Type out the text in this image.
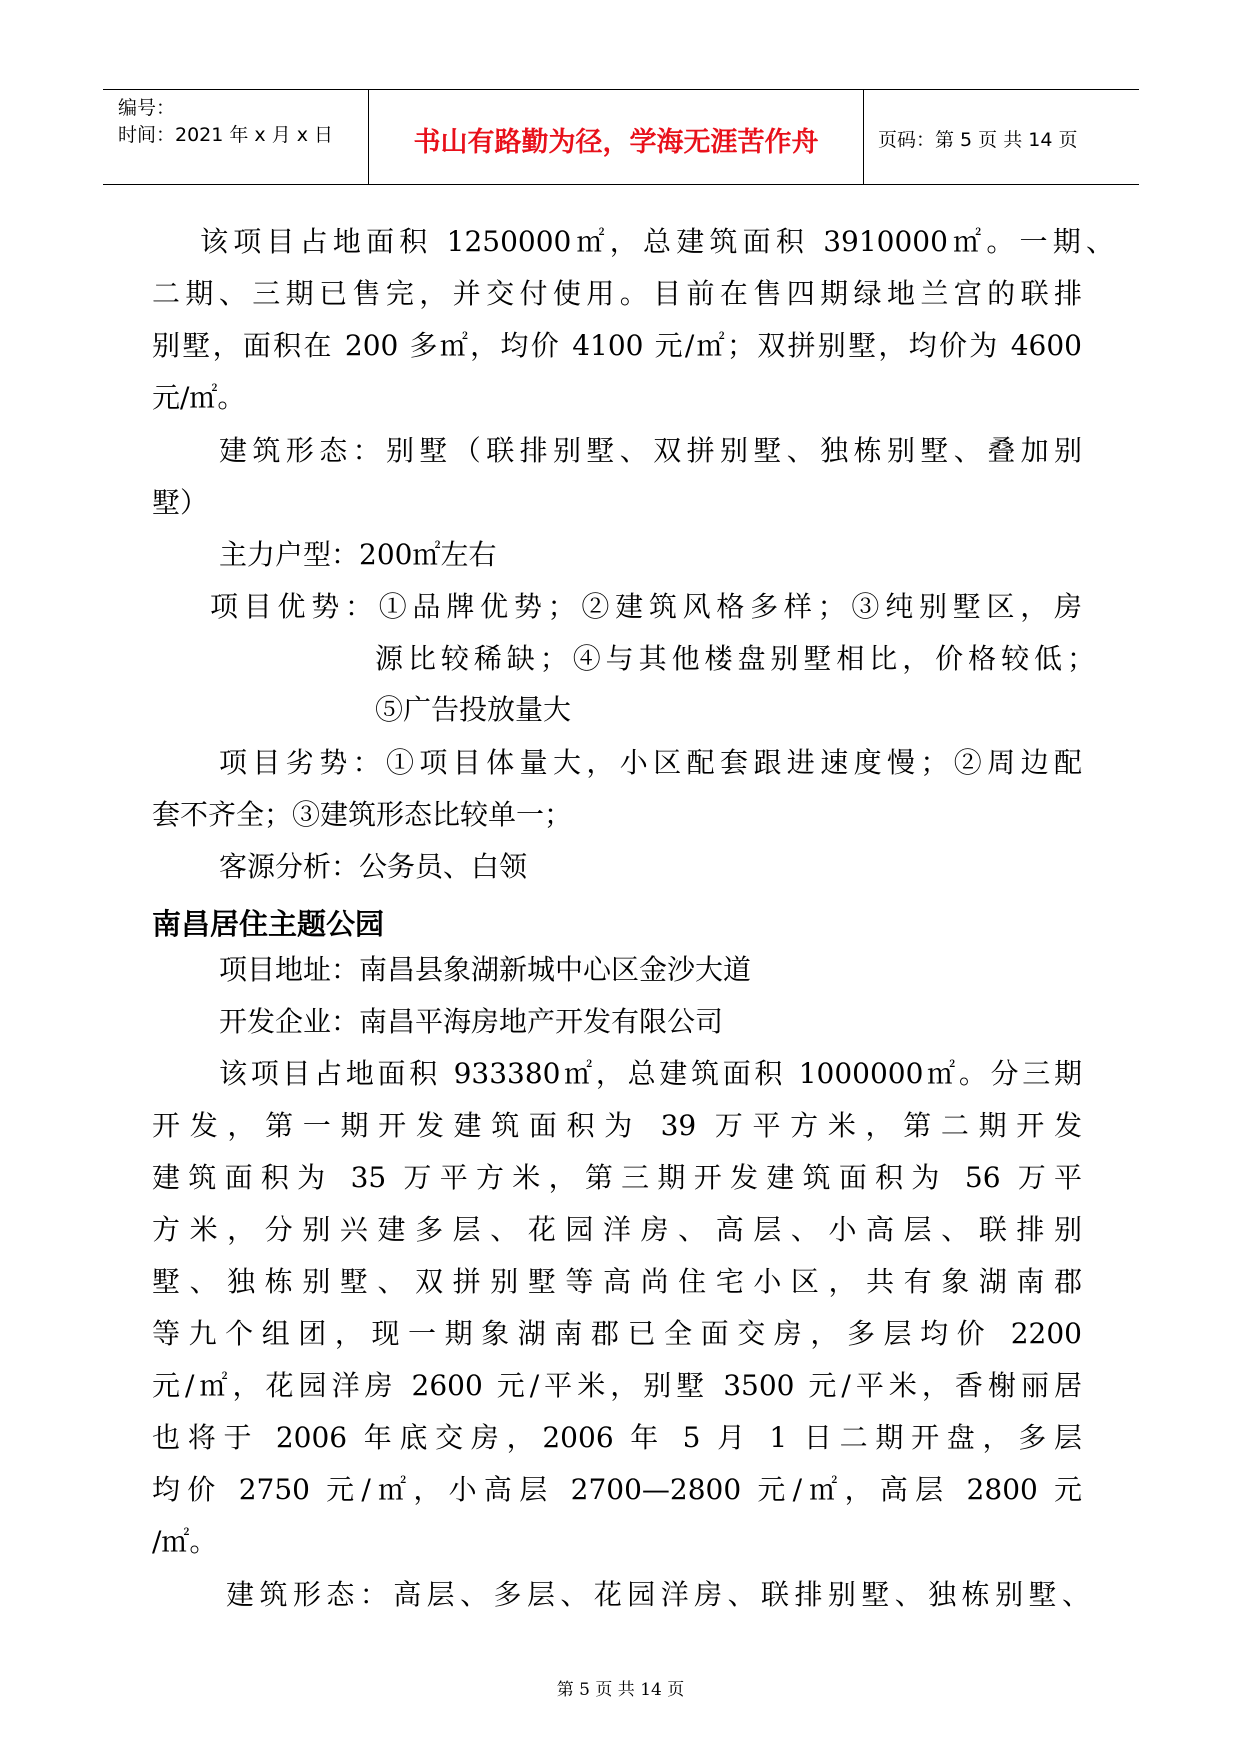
编号：
时间：2021 年 x 月 x 日	书山有路勤为径，学海无涯苦作舟	页码：第 5 页 共 14 页
该项目占地面积 1250000㎡，总建筑面积 3910000㎡。一期、
二期、三期已售完，并交付使用。目前在售四期绿地兰宫的联排
别墅，面积在 200 多㎡，均价 4100 元/㎡；双拼别墅，均价为 4600
元/㎡。
建筑形态：别墅（联排别墅、双拼别墅、独栋别墅、叠加别
墅）
主力户型：200㎡左右
项目优势：①品牌优势；②建筑风格多样；③纯别墅区，房
源比较稀缺；④与其他楼盘别墅相比，价格较低；
⑤广告投放量大
项目劣势：①项目体量大，小区配套跟进速度慢；②周边配
套不齐全；③建筑形态比较单一；
客源分析：公务员、白领
南昌居住主题公园
项目地址：南昌县象湖新城中心区金沙大道
开发企业：南昌平海房地产开发有限公司
该项目占地面积 933380㎡，总建筑面积 1000000㎡。分三期
开发，第一期开发建筑面积为 39 万平方米，第二期开发
建筑面积为 35 万平方米，第三期开发建筑面积为 56 万平
方米，分别兴建多层、花园洋房、高层、小高层、联排别
墅、独栋别墅、双拼别墅等高尚住宅小区，共有象湖南郡
等九个组团，现一期象湖南郡已全面交房，多层均价 2200
元/㎡，花园洋房 2600 元/平米，别墅 3500 元/平米，香榭丽居
也将于 2006 年底交房，2006 年 5 月 1 日二期开盘，多层
均价 2750 元/㎡，小高层 2700—2800 元/㎡，高层 2800 元
/㎡。
建筑形态：高层、多层、花园洋房、联排别墅、独栋别墅、
第 5 页 共 14 页
